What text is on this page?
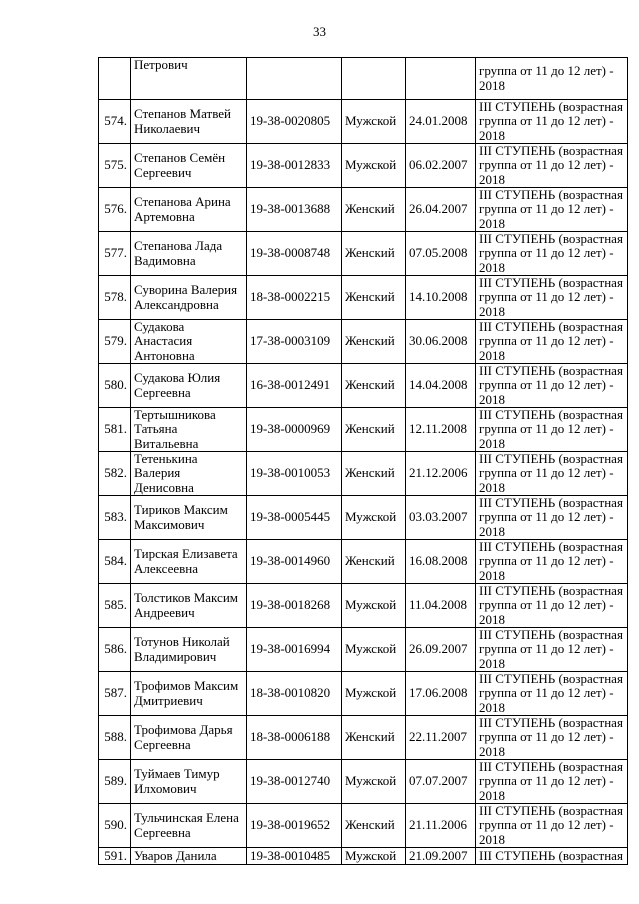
33
	Петрович				группа от 11 до 12 лет) -
2018

574.	Степанов Матвей Николаевич	19-38-0020805	Мужской	24.01.2008	III СТУПЕНЬ (возрастная
группа от 11 до 12 лет) -
2018

575.	Степанов Семён Сергеевич	19-38-0012833	Мужской	06.02.2007	III СТУПЕНЬ (возрастная
группа от 11 до 12 лет) -
2018

576.	Степанова Арина Артемовна	19-38-0013688	Женский	26.04.2007	III СТУПЕНЬ (возрастная
группа от 11 до 12 лет) -
2018

577.	Степанова Лада Вадимовна	19-38-0008748	Женский	07.05.2008	III СТУПЕНЬ (возрастная
группа от 11 до 12 лет) -
2018

578.	Суворина Валерия Александровна	18-38-0002215	Женский	14.10.2008	III СТУПЕНЬ (возрастная
группа от 11 до 12 лет) -
2018

579.	Судакова Анастасия Антоновна	17-38-0003109	Женский	30.06.2008	III СТУПЕНЬ (возрастная
группа от 11 до 12 лет) -
2018

580.	Судакова Юлия Сергеевна	16-38-0012491	Женский	14.04.2008	III СТУПЕНЬ (возрастная
группа от 11 до 12 лет) -
2018

581.	Тертышникова Татьяна Витальевна	19-38-0000969	Женский	12.11.2008	III СТУПЕНЬ (возрастная
группа от 11 до 12 лет) -
2018

582.	Тетенькина Валерия Денисовна	19-38-0010053	Женский	21.12.2006	III СТУПЕНЬ (возрастная
группа от 11 до 12 лет) -
2018

583.	Тириков Максим Максимович	19-38-0005445	Мужской	03.03.2007	III СТУПЕНЬ (возрастная
группа от 11 до 12 лет) -
2018

584.	Тирская Елизавета Алексеевна	19-38-0014960	Женский	16.08.2008	III СТУПЕНЬ (возрастная
группа от 11 до 12 лет) -
2018

585.	Толстиков Максим Андреевич	19-38-0018268	Мужской	11.04.2008	III СТУПЕНЬ (возрастная
группа от 11 до 12 лет) -
2018

586.	Тотунов Николай Владимирович	19-38-0016994	Мужской	26.09.2007	III СТУПЕНЬ (возрастная
группа от 11 до 12 лет) -
2018

587.	Трофимов Максим Дмитриевич	18-38-0010820	Мужской	17.06.2008	III СТУПЕНЬ (возрастная
группа от 11 до 12 лет) -
2018

588.	Трофимова Дарья Сергеевна	18-38-0006188	Женский	22.11.2007	III СТУПЕНЬ (возрастная
группа от 11 до 12 лет) -
2018

589.	Туймаев Тимур Илхомович	19-38-0012740	Мужской	07.07.2007	III СТУПЕНЬ (возрастная
группа от 11 до 12 лет) -
2018

590.	Тульчинская Елена Сергеевна	19-38-0019652	Женский	21.11.2006	III СТУПЕНЬ (возрастная
группа от 11 до 12 лет) -
2018

591.	Уваров Данила	19-38-0010485	Мужской	21.09.2007	III СТУПЕНЬ (возрастная
